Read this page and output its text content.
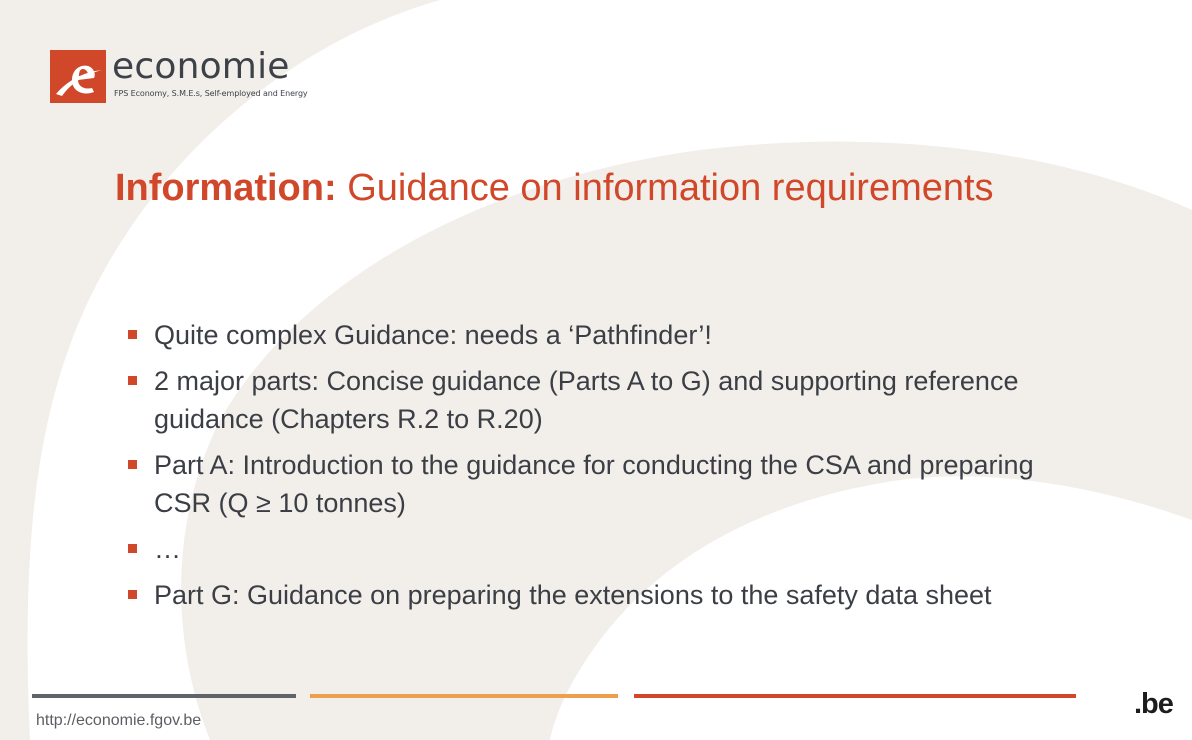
economie
FPS Economy, S.M.E.s, Self-employed and Energy
Information: Guidance on information requirements
Quite complex Guidance: needs a ‘Pathfinder’!
2 major parts: Concise guidance (Parts A to G) and supporting reference guidance (Chapters R.2 to R.20)
Part A: Introduction to the guidance for conducting the CSA and preparing CSR (Q ≥ 10 tonnes)
…
Part G: Guidance on preparing the extensions to the safety data sheet
http://economie.fgov.be
.be
